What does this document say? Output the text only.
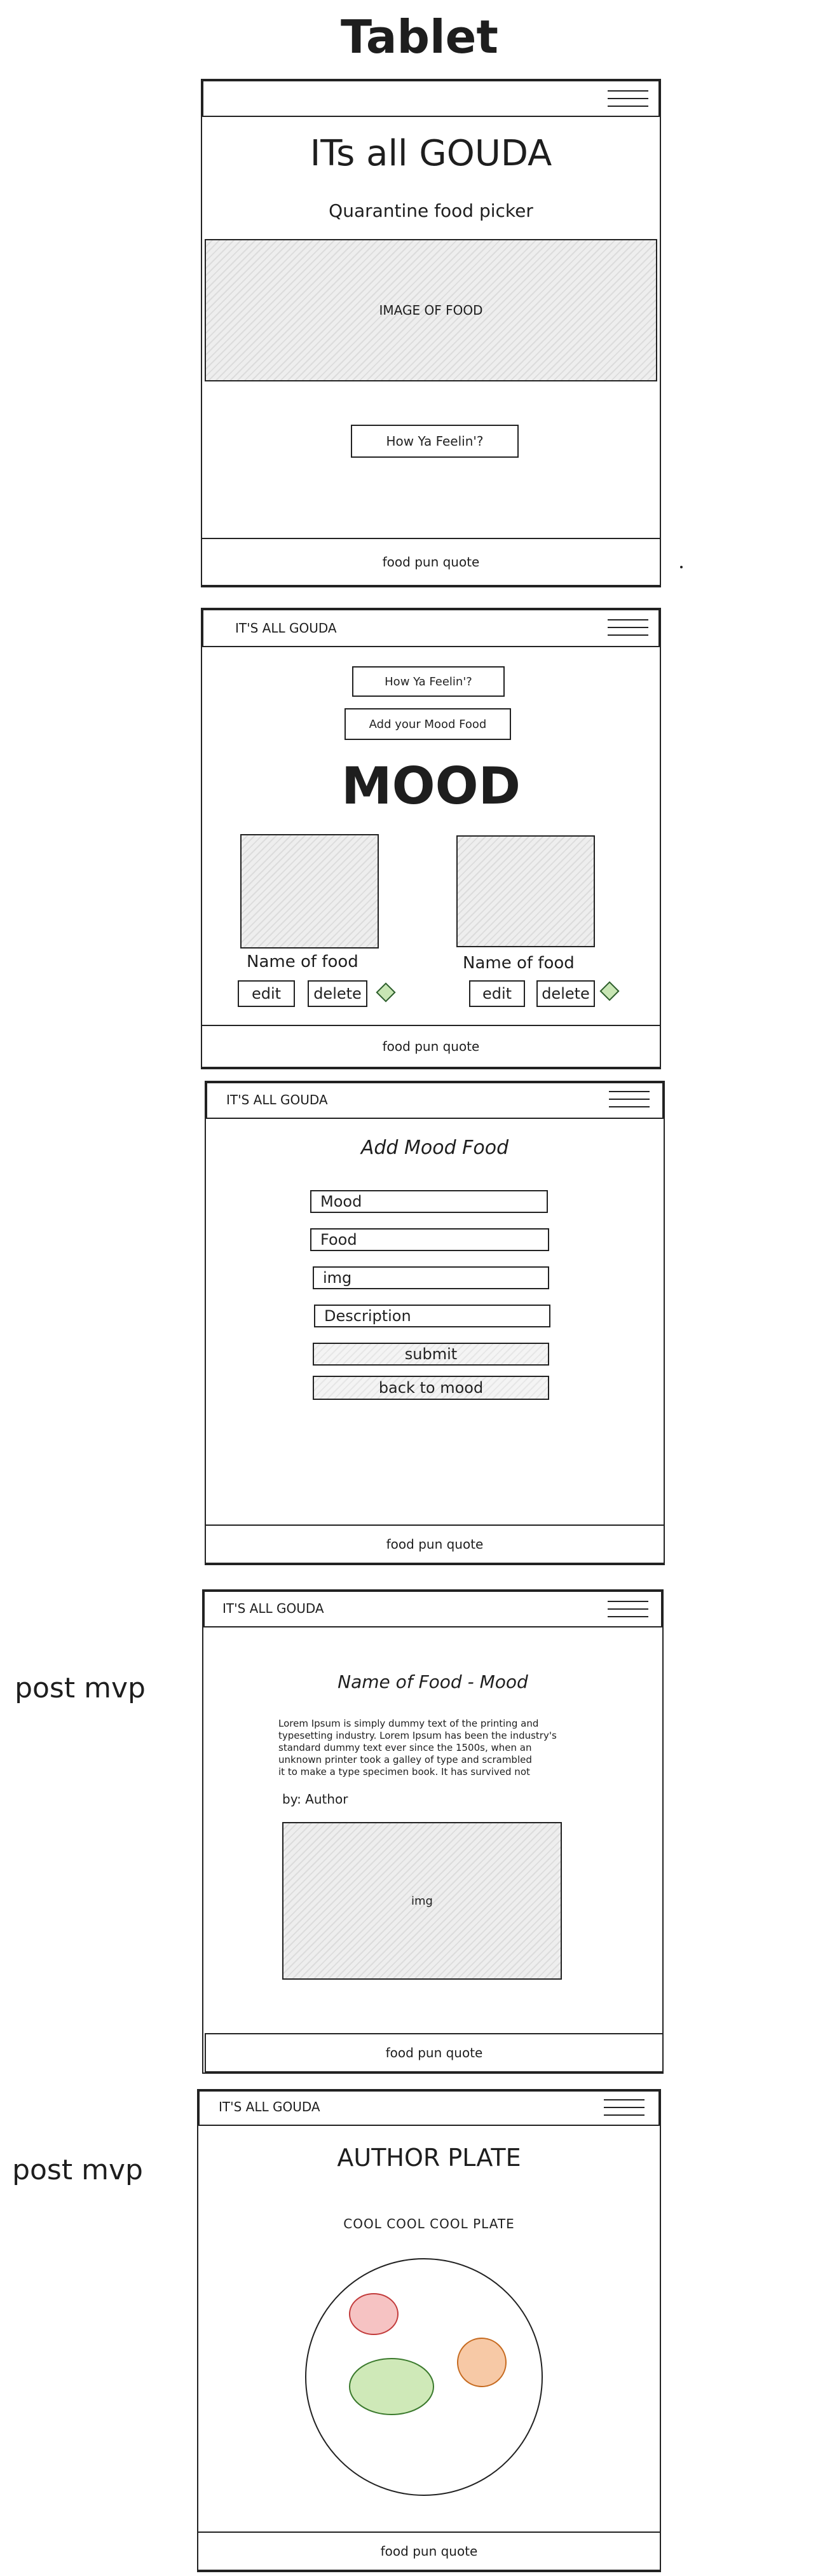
Tablet
ITs all GOUDA
Quarantine food picker
IMAGE OF FOOD
How Ya Feelin'?
food pun quote
IT'S ALL GOUDA
How Ya Feelin'?
Add your Mood Food
MOOD
Name of food
edit	delete
Name of food
edit	delete
food pun quote
IT'S ALL GOUDA
Add Mood Food
Mood
Food
img
Description
submit
back to mood
food pun quote
post mvp
IT'S ALL GOUDA
Name of Food - Mood
Lorem Ipsum is simply dummy text of the printing and
typesetting industry. Lorem Ipsum has been the industry's
standard dummy text ever since the 1500s, when an
unknown printer took a galley of type and scrambled
it to make a type specimen book. It has survived not
by: Author
img
food pun quote
post mvp
IT'S ALL GOUDA
AUTHOR PLATE
COOL COOL COOL PLATE
food pun quote
